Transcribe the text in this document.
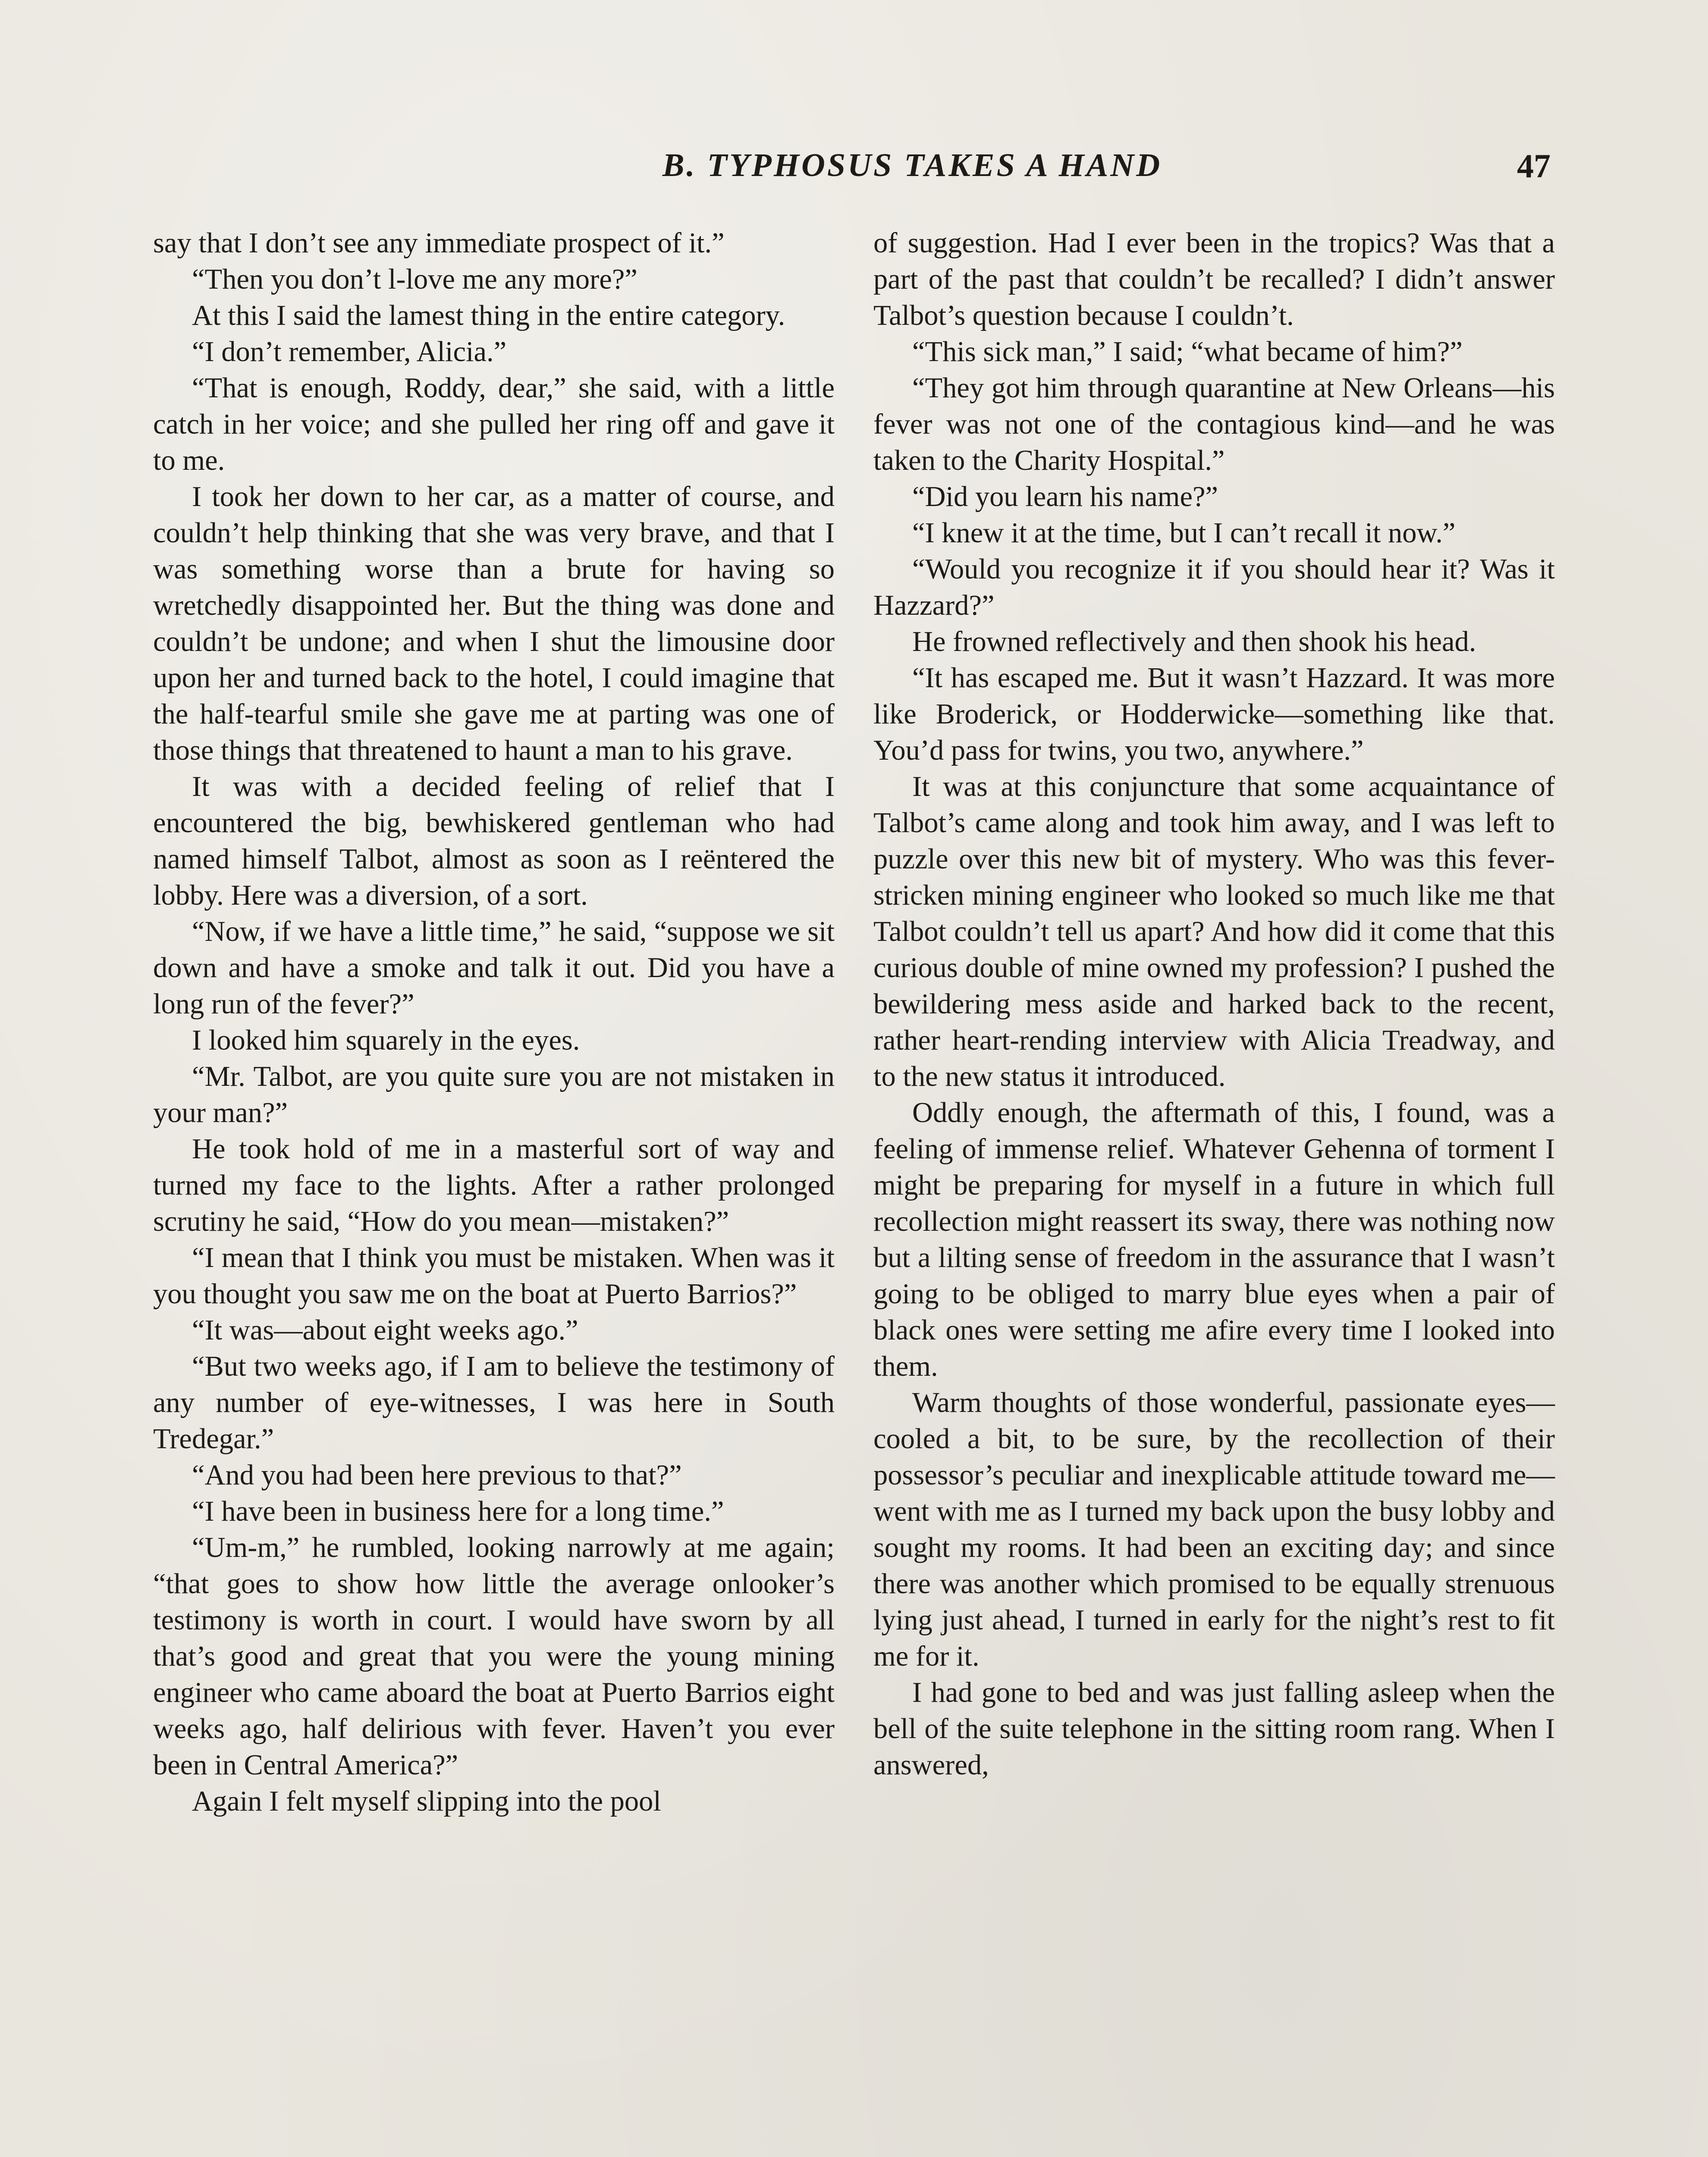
B. TYPHOSUS TAKES A HAND	47

say that I don’t see any immediate prospect of it.”

“Then you don’t l-love me any more?”

At this I said the lamest thing in the entire category.

“I don’t remember, Alicia.”

“That is enough, Roddy, dear,” she said, with a little catch in her voice; and she pulled her ring off and gave it to me.

I took her down to her car, as a matter of course, and couldn’t help thinking that she was very brave, and that I was something worse than a brute for having so wretchedly disappointed her. But the thing was done and couldn’t be undone; and when I shut the limousine door upon her and turned back to the hotel, I could imagine that the half-tearful smile she gave me at parting was one of those things that threatened to haunt a man to his grave.

It was with a decided feeling of relief that I encountered the big, bewhiskered gentleman who had named himself Talbot, almost as soon as I reëntered the lobby. Here was a diversion, of a sort.

“Now, if we have a little time,” he said, “suppose we sit down and have a smoke and talk it out. Did you have a long run of the fever?”

I looked him squarely in the eyes.

“Mr. Talbot, are you quite sure you are not mistaken in your man?”

He took hold of me in a masterful sort of way and turned my face to the lights. After a rather prolonged scrutiny he said, “How do you mean—mistaken?”

“I mean that I think you must be mistaken. When was it you thought you saw me on the boat at Puerto Barrios?”

“It was—about eight weeks ago.”

“But two weeks ago, if I am to believe the testimony of any number of eye-witnesses, I was here in South Tredegar.”

“And you had been here previous to that?”

“I have been in business here for a long time.”

“Um-m,” he rumbled, looking narrowly at me again; “that goes to show how little the average onlooker’s testimony is worth in court. I would have sworn by all that’s good and great that you were the young mining engineer who came aboard the boat at Puerto Barrios eight weeks ago, half delirious with fever. Haven’t you ever been in Central America?”

Again I felt myself slipping into the pool

of suggestion. Had I ever been in the tropics? Was that a part of the past that couldn’t be recalled? I didn’t answer Talbot’s question because I couldn’t.

“This sick man,” I said; “what became of him?”

“They got him through quarantine at New Orleans—his fever was not one of the contagious kind—and he was taken to the Charity Hospital.”

“Did you learn his name?”

“I knew it at the time, but I can’t recall it now.”

“Would you recognize it if you should hear it? Was it Hazzard?”

He frowned reflectively and then shook his head.

“It has escaped me. But it wasn’t Hazzard. It was more like Broderick, or Hodderwicke—something like that. You’d pass for twins, you two, anywhere.”

It was at this conjuncture that some acquaintance of Talbot’s came along and took him away, and I was left to puzzle over this new bit of mystery. Who was this fever-stricken mining engineer who looked so much like me that Talbot couldn’t tell us apart? And how did it come that this curious double of mine owned my profession? I pushed the bewildering mess aside and harked back to the recent, rather heart-rending interview with Alicia Treadway, and to the new status it introduced.

Oddly enough, the aftermath of this, I found, was a feeling of immense relief. Whatever Gehenna of torment I might be preparing for myself in a future in which full recollection might reassert its sway, there was nothing now but a lilting sense of freedom in the assurance that I wasn’t going to be obliged to marry blue eyes when a pair of black ones were setting me afire every time I looked into them.

Warm thoughts of those wonderful, passionate eyes—cooled a bit, to be sure, by the recollection of their possessor’s peculiar and inexplicable attitude toward me—went with me as I turned my back upon the busy lobby and sought my rooms. It had been an exciting day; and since there was another which promised to be equally strenuous lying just ahead, I turned in early for the night’s rest to fit me for it.

I had gone to bed and was just falling asleep when the bell of the suite telephone in the sitting room rang. When I answered,
